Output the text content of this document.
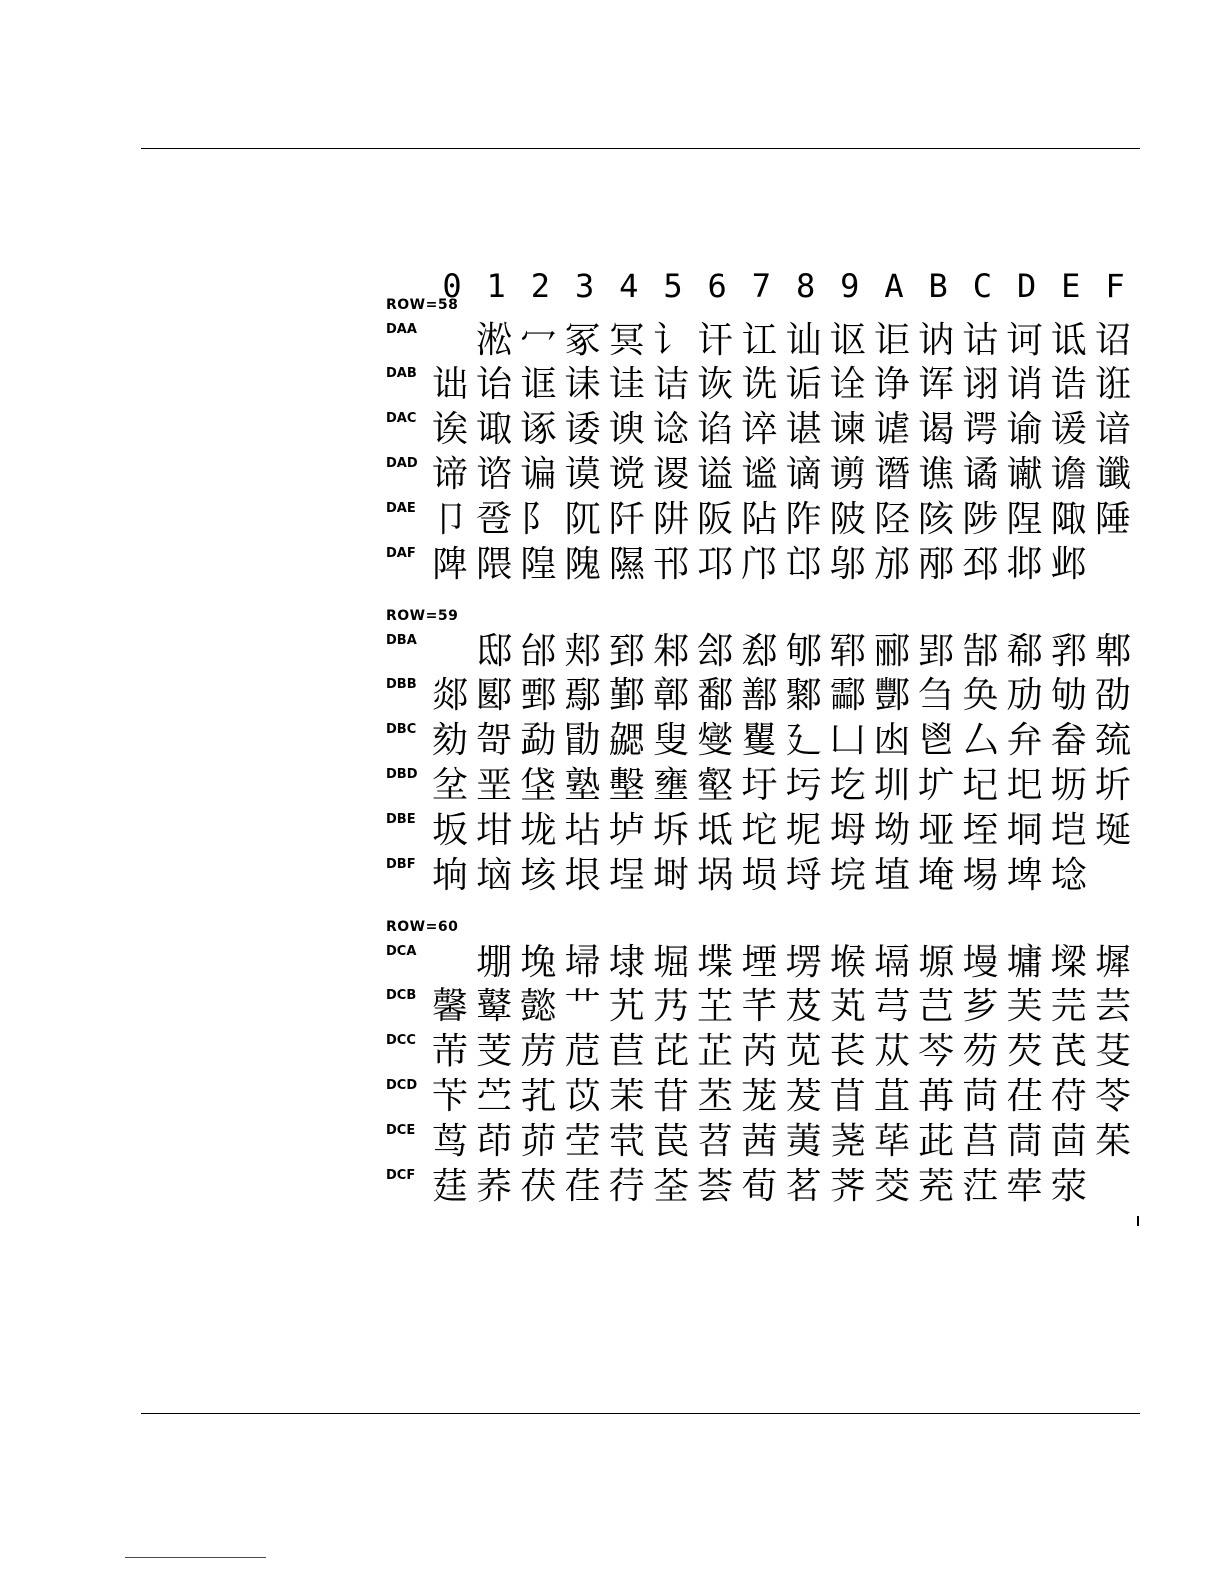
0 1 2 3 4 5 6 7 8 9 A B C D E F
ROW=58
DAA 淞 冖 冢 冥 讠 讦 讧 讪 讴 讵 讷 诂 诃 诋 诏
DAB 诎 诒 诓 诔 诖 诘 诙 诜 诟 诠 诤 诨 诩 诮 诰 诳
DAC 诶 诹 诼 诿 谀 谂 谄 谇 谌 谏 谑 谒 谔 谕 谖 谙
DAD 谛 谘 谝 谟 谠 谡 谥 谧 谪 谫 谮 谯 谲 谳 谵 谶
DAE 卩 卺 阝 阢 阡 阱 阪 阽 阼 陂 陉 陔 陟 陧 陬 陲
DAF 陴 隈 隍 隗 隰 邗 邛 邝 邙 邬 邡 邴 邳 邶 邺
ROW=59
DBA 邸 邰 郏 郅 邾 郐 郄 郇 郓 郦 郢 郜 郗 郛 郫
DBB 郯 郾 鄄 鄢 鄞 鄣 鄱 鄯 鄹 酃 酆 刍 奂 劢 劬 劭
DBC 劾 哿 勐 勖 勰 叟 燮 矍 廴 凵 凼 鬯 厶 弁 畚 巯
DBD 坌 垩 垡 塾 墼 壅 壑 圩 圬 圪 圳 圹 圮 圯 坜 圻
DBE 坂 坩 垅 坫 垆 坼 坻 坨 坭 坶 坳 垭 垤 垌 垲 埏
DBF 垧 垴 垓 垠 埕 埘 埚 埙 埒 垸 埴 埯 埸 埤 埝
ROW=60
DCA 堋 堍 埽 埭 堀 堞 堙 塄 堠 塥 塬 墁 墉 墚 墀
DCB 馨 鼙 懿 艹 艽 艿 芏 芊 芨 芄 芎 芑 芗 芙 芫 芸
DCC 芾 芰 苈 苊 苣 芘 芷 芮 苋 苌 苁 芩 芴 芡 芪 芟
DCD 苄 苎 芤 苡 茉 苷 苤 茏 茇 苜 苴 苒 苘 茌 苻 苓
DCE 茑 茚 茆 茔 茕 苠 苕 茜 荑 荛 荜 茈 莒 茼 茴 茱
DCF 莛 荞 茯 荏 荇 荃 荟 荀 茗 荠 茭 茺 茳 荦 荥
